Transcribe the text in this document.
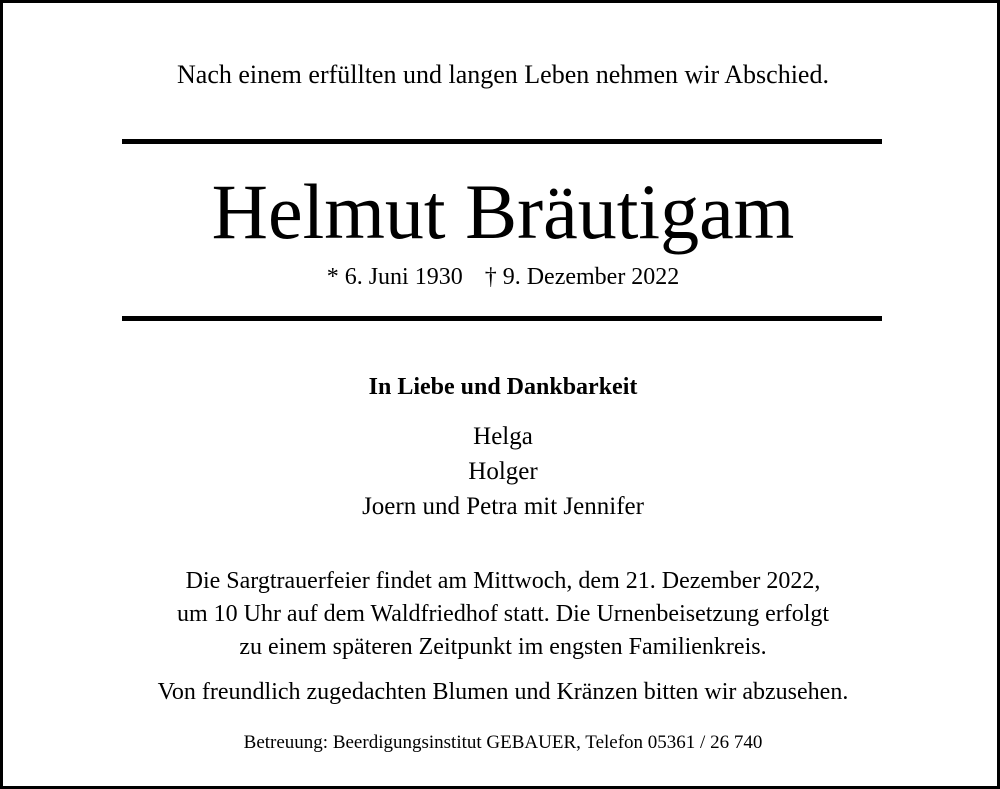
Nach einem erfüllten und langen Leben nehmen wir Abschied.
Helmut Bräutigam
* 6. Juni 1930 † 9. Dezember 2022
In Liebe und Dankbarkeit
Helga
Holger
Joern und Petra mit Jennifer
Die Sargtrauerfeier findet am Mittwoch, dem 21. Dezember 2022,
um 10 Uhr auf dem Waldfriedhof statt. Die Urnenbeisetzung erfolgt
zu einem späteren Zeitpunkt im engsten Familienkreis.
Von freundlich zugedachten Blumen und Kränzen bitten wir abzusehen.
Betreuung: Beerdigungsinstitut GEBAUER, Telefon 05361 / 26 740
